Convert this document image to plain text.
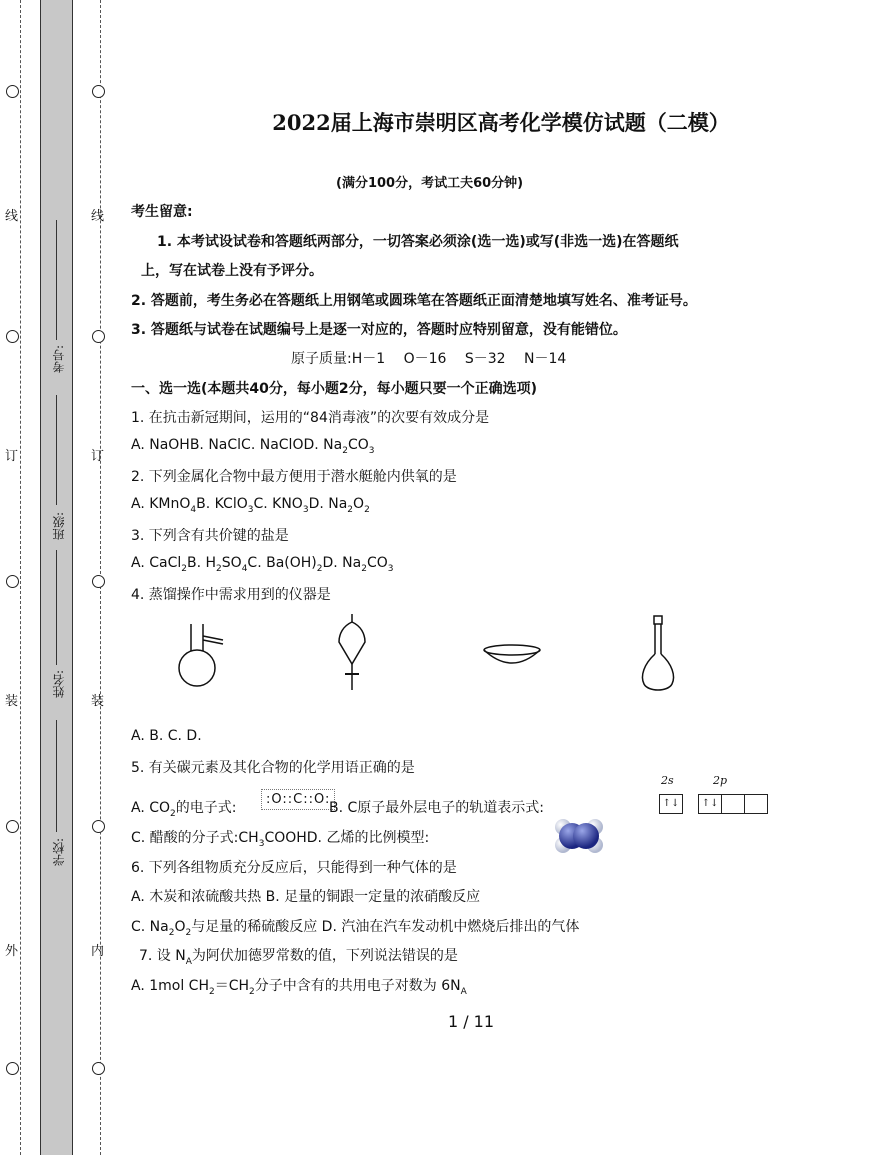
线
订
装
外
线
订
装
内
考号:
班级:
姓名:
学校:
2022届上海市崇明区高考化学模仿试题（二模）
(满分100分，考试工夫60分钟)
考生留意:
1. 本考试设试卷和答题纸两部分，一切答案必须涂(选一选)或写(非选一选)在答题纸
上，写在试卷上没有予评分。
2. 答题前，考生务必在答题纸上用钢笔或圆珠笔在答题纸正面清楚地填写姓名、准考证号。
3. 答题纸与试卷在试题编号上是逐一对应的，答题时应特别留意，没有能错位。
原子质量:H－1　 O－16　 S－32　 N－14
一、选一选(本题共40分，每小题2分，每小题只要一个正确选项)
1. 在抗击新冠期间，运用的“84消毒液”的次要有效成分是
A. NaOHB. NaClC. NaClOD. $Na_2CO_3$
2. 下列金属化合物中最方便用于潜水艇舱内供氧的是
A. KMnO$_4$B. KClO$_3$C. $KNO_3D$. $Na_2O_2$
3. 下列含有共价键的盐是
A. CaCl$_2$B. $H_2SO_4C$. $Ba(OH)_2D$. $Na_2CO_3$
4. 蒸馏操作中需求用到的仪器是
A. B. C. D.
5. 有关碳元素及其化合物的化学用语正确的是
A. $CO_2$的电子式:
:O::C::O:
B. C原子最外层电子的轨道表示式:
2s	2p
↑↓ ↑↓
C. 醋酸的分子式$:CH_3COOHD$. 乙烯的比例模型:
6. 下列各组物质充分反应后，只能得到一种气体的是
A. 木炭和浓硫酸共热 B. 足量的铜跟一定量的浓硝酸反应
C. $Na_2O_2$与足量的稀硫酸反应 D. 汽油在汽车发动机中燃烧后排出的气体
7. 设 $N_A$为阿伏加德罗常数的值，下列说法错误的是
A. 1mol $CH_2=CH_2$分子中含有的共用电子对数为 $6N_A$
1 / 11
